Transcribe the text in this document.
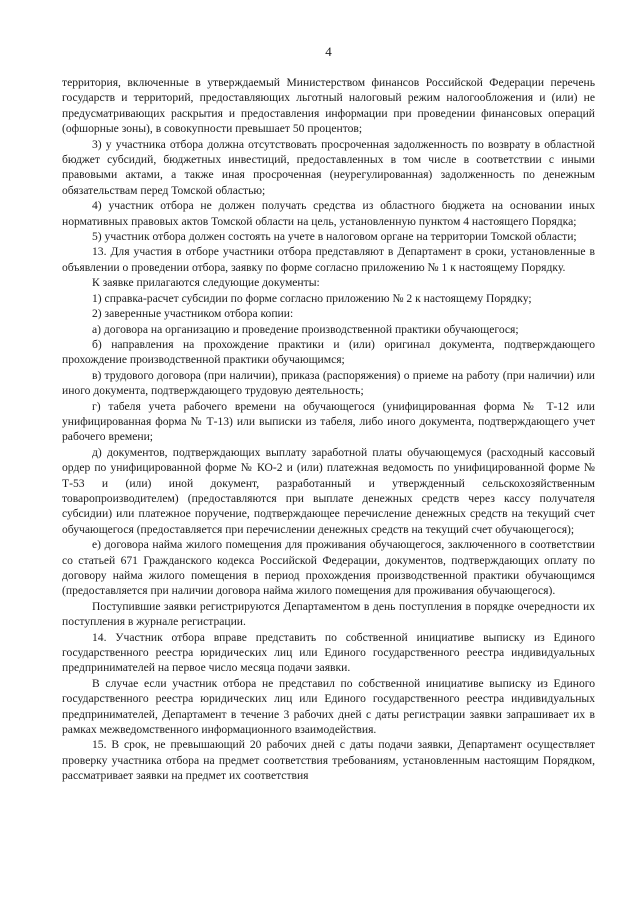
4

территория, включенные в утверждаемый Министерством финансов Российской Федерации перечень государств и территорий, предоставляющих льготный налоговый режим налогообложения и (или) не предусматривающих раскрытия и предоставления информации при проведении финансовых операций (офшорные зоны), в совокупности превышает 50 процентов;

3) у участника отбора должна отсутствовать просроченная задолженность по возврату в областной бюджет субсидий, бюджетных инвестиций, предоставленных в том числе в соответствии с иными правовыми актами, а также иная просроченная (неурегулированная) задолженность по денежным обязательствам перед Томской областью;

4) участник отбора не должен получать средства из областного бюджета на основании иных нормативных правовых актов Томской области на цель, установленную пунктом 4 настоящего Порядка;

5) участник отбора должен состоять на учете в налоговом органе на территории Томской области;

13. Для участия в отборе участники отбора представляют в Департамент в сроки, установленные в объявлении о проведении отбора, заявку по форме согласно приложению № 1 к настоящему Порядку.

К заявке прилагаются следующие документы:

1) справка-расчет субсидии по форме согласно приложению № 2 к настоящему Порядку;

2) заверенные участником отбора копии:

а) договора на организацию и проведение производственной практики обучающегося;

б) направления на прохождение практики и (или) оригинал документа, подтверждающего прохождение производственной практики обучающимся;

в) трудового договора (при наличии), приказа (распоряжения) о приеме на работу (при наличии) или иного документа, подтверждающего трудовую деятельность;

г) табеля учета рабочего времени на обучающегося (унифицированная форма № Т-12 или унифицированная форма № Т-13) или выписки из табеля, либо иного документа, подтверждающего учет рабочего времени;

д) документов, подтверждающих выплату заработной платы обучающемуся (расходный кассовый ордер по унифицированной форме № КО-2 и (или) платежная ведомость по унифицированной форме № Т-53 и (или) иной документ, разработанный и утвержденный сельскохозяйственным товаропроизводителем) (предоставляются при выплате денежных средств через кассу получателя субсидии) или платежное поручение, подтверждающее перечисление денежных средств на текущий счет обучающегося (предоставляется при перечислении денежных средств на текущий счет обучающегося);

е) договора найма жилого помещения для проживания обучающегося, заключенного в соответствии со статьей 671 Гражданского кодекса Российской Федерации, документов, подтверждающих оплату по договору найма жилого помещения в период прохождения производственной практики обучающимся (предоставляется при наличии договора найма жилого помещения для проживания обучающегося).

Поступившие заявки регистрируются Департаментом в день поступления в порядке очередности их поступления в журнале регистрации.

14. Участник отбора вправе представить по собственной инициативе выписку из Единого государственного реестра юридических лиц или Единого государственного реестра индивидуальных предпринимателей на первое число месяца подачи заявки.

В случае если участник отбора не представил по собственной инициативе выписку из Единого государственного реестра юридических лиц или Единого государственного реестра индивидуальных предпринимателей, Департамент в течение 3 рабочих дней с даты регистрации заявки запрашивает их в рамках межведомственного информационного взаимодействия.

15. В срок, не превышающий 20 рабочих дней с даты подачи заявки, Департамент осуществляет проверку участника отбора на предмет соответствия требованиям, установленным настоящим Порядком, рассматривает заявки на предмет их соответствия
